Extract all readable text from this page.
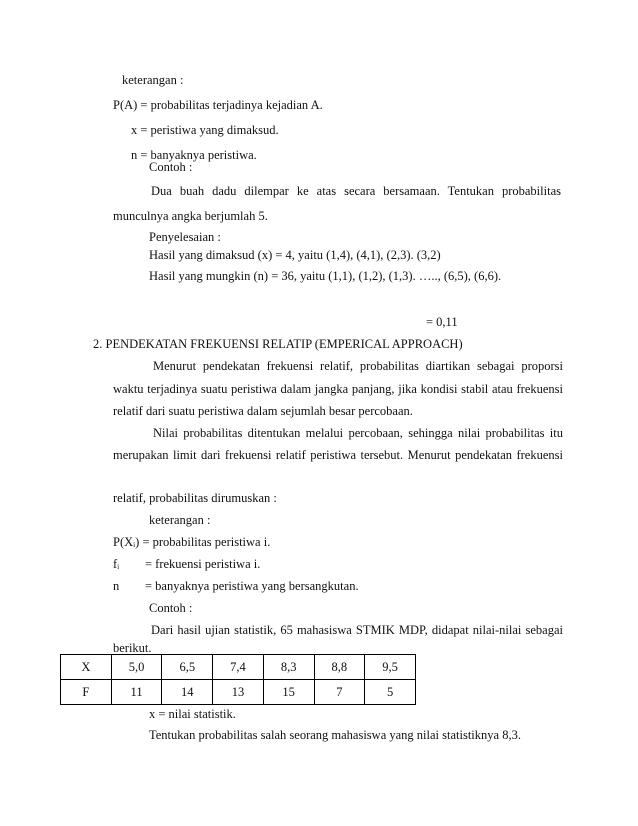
keterangan :
P(A) = probabilitas terjadinya kejadian A.
x = peristiwa yang dimaksud.
n = banyaknya peristiwa.
Contoh :
Dua buah dadu dilempar ke atas secara bersamaan. Tentukan probabilitas
munculnya angka berjumlah 5.
Penyelesaian :
Hasil yang dimaksud (x) = 4, yaitu (1,4), (4,1), (2,3). (3,2)
Hasil yang mungkin (n) = 36, yaitu (1,1), (1,2), (1,3). ….., (6,5), (6,6).
= 0,11
2. PENDEKATAN FREKUENSI RELATIP (EMPERICAL APPROACH)
Menurut pendekatan frekuensi relatif, probabilitas diartikan sebagai proporsi
waktu terjadinya suatu peristiwa dalam jangka panjang, jika kondisi stabil atau frekuensi
relatif dari suatu peristiwa dalam sejumlah besar percobaan.
Nilai probabilitas ditentukan melalui percobaan, sehingga nilai probabilitas itu
merupakan limit dari frekuensi relatif peristiwa tersebut. Menurut pendekatan frekuensi
relatif, probabilitas dirumuskan :
keterangan :
P(Xᵢ) = probabilitas peristiwa i.
fᵢ = frekuensi peristiwa i.
n = banyaknya peristiwa yang bersangkutan.
Contoh :
Dari hasil ujian statistik, 65 mahasiswa STMIK MDP, didapat nilai-nilai sebagai
berikut.
X	5,0	6,5	7,4	8,3	8,8	9,5
F	11	14	13	15	7	5
x = nilai statistik.
Tentukan probabilitas salah seorang mahasiswa yang nilai statistiknya 8,3.
